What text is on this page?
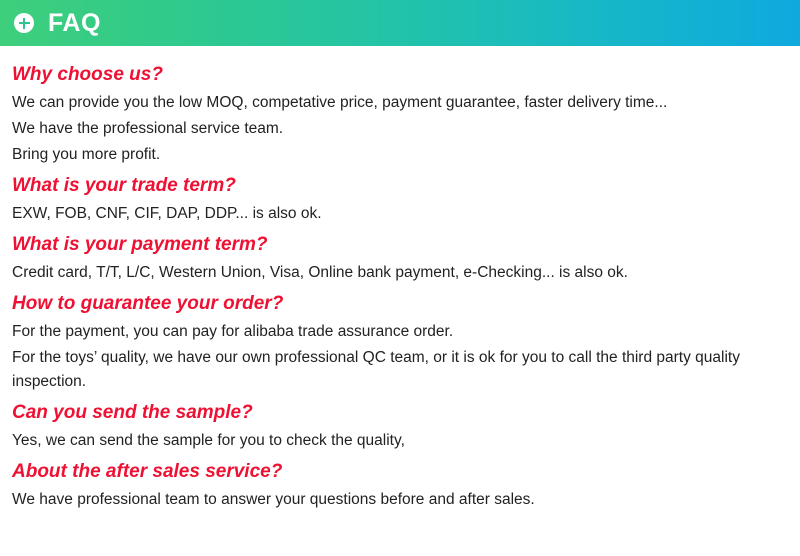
FAQ
Why choose us?
We can provide you the low MOQ, competative price, payment guarantee, faster delivery time...
We have the professional service team.
Bring you more profit.
What is your trade term?
EXW, FOB, CNF, CIF, DAP, DDP... is also ok.
What is your payment term?
Credit card, T/T, L/C, Western Union, Visa, Online bank payment, e-Checking... is also ok.
How to guarantee your order?
For the payment, you can pay for alibaba trade assurance order.
For the toys’ quality, we have our own professional QC team, or it is ok for you to call the third party quality inspection.
Can you send the sample?
Yes, we can send the sample for you to check the quality,
About the after sales service?
We have professional team to answer your questions before and after sales.
